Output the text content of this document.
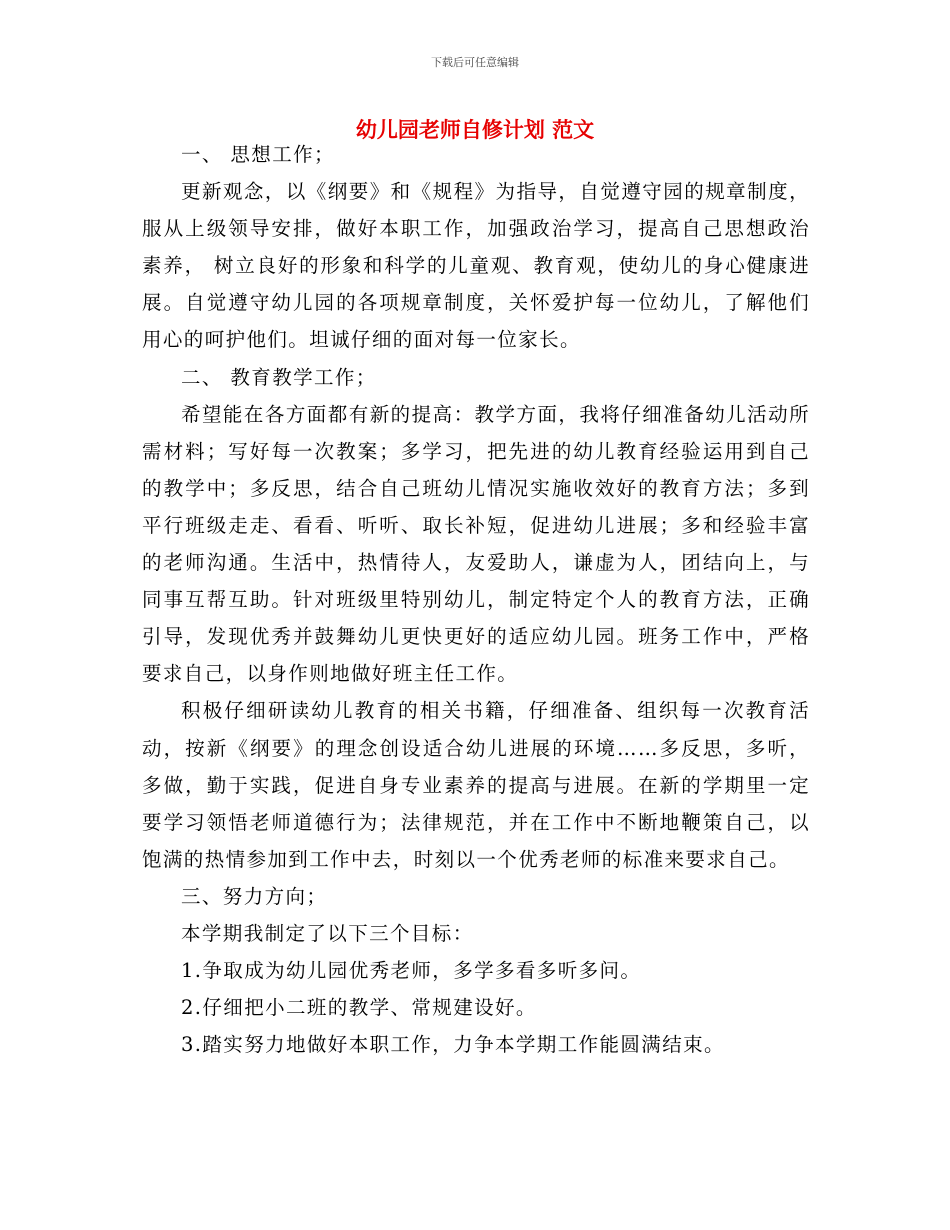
下载后可任意编辑
幼儿园老师自修计划 范文

一、 思想工作；

更新观念，以《纲要》和《规程》为指导，自觉遵守园的规章制度，服从上级领导安排，做好本职工作，加强政治学习，提高自己思想政治素养， 树立良好的形象和科学的儿童观、教育观，使幼儿的身心健康进展。自觉遵守幼儿园的各项规章制度，关怀爱护每一位幼儿，了解他们用心的呵护他们。坦诚仔细的面对每一位家长。

二、 教育教学工作；

希望能在各方面都有新的提高：教学方面，我将仔细准备幼儿活动所需材料；写好每一次教案；多学习，把先进的幼儿教育经验运用到自己的教学中；多反思，结合自己班幼儿情况实施收效好的教育方法；多到平行班级走走、看看、听听、取长补短，促进幼儿进展；多和经验丰富的老师沟通。生活中，热情待人，友爱助人，谦虚为人，团结向上，与同事互帮互助。针对班级里特别幼儿，制定特定个人的教育方法，正确引导，发现优秀并鼓舞幼儿更快更好的适应幼儿园。班务工作中，严格要求自己，以身作则地做好班主任工作。

积极仔细研读幼儿教育的相关书籍，仔细准备、组织每一次教育活动，按新《纲要》的理念创设适合幼儿进展的环境……多反思，多听，多做，勤于实践，促进自身专业素养的提高与进展。在新的学期里一定要学习领悟老师道德行为；法律规范，并在工作中不断地鞭策自己，以饱满的热情参加到工作中去，时刻以一个优秀老师的标准来要求自己。

三、努力方向；

本学期我制定了以下三个目标：

1.争取成为幼儿园优秀老师，多学多看多听多问。

2.仔细把小二班的教学、常规建设好。

3.踏实努力地做好本职工作，力争本学期工作能圆满结束。
